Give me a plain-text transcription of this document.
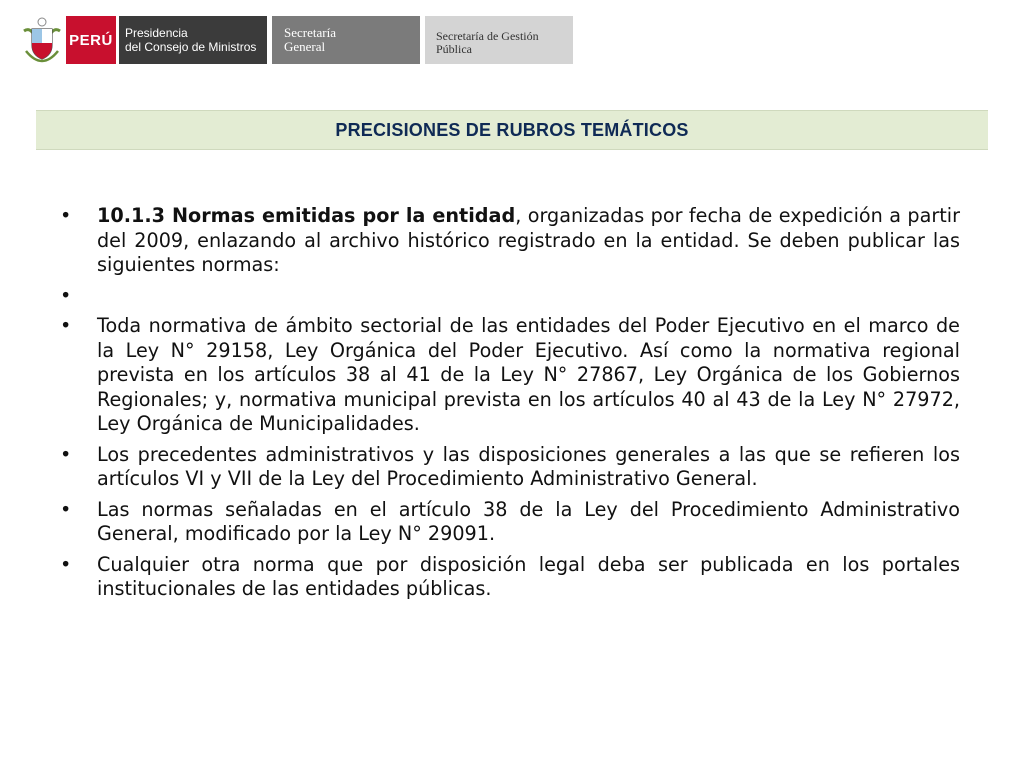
PERÚ Presidencia
del Consejo de Ministros
Secretaría
General
Secretaría de Gestión
Pública
PRECISIONES DE RUBROS TEMÁTICOS
• 10.1.3 Normas emitidas por la entidad, organizadas por fecha de expedición a partir del 2009, enlazando al archivo histórico registrado en la entidad. Se deben publicar las siguientes normas:
•
• Toda normativa de ámbito sectorial de las entidades del Poder Ejecutivo en el marco de la Ley N° 29158, Ley Orgánica del Poder Ejecutivo. Así como la normativa regional prevista en los artículos 38 al 41 de la Ley N° 27867, Ley Orgánica de los Gobiernos Regionales; y, normativa municipal prevista en los artículos 40 al 43 de la Ley N° 27972, Ley Orgánica de Municipalidades.
• Los precedentes administrativos y las disposiciones generales a las que se refieren los artículos VI y VII de la Ley del Procedimiento Administrativo General.
• Las normas señaladas en el artículo 38 de la Ley del Procedimiento Administrativo General, modificado por la Ley N° 29091.
• Cualquier otra norma que por disposición legal deba ser publicada en los portales institucionales de las entidades públicas.
